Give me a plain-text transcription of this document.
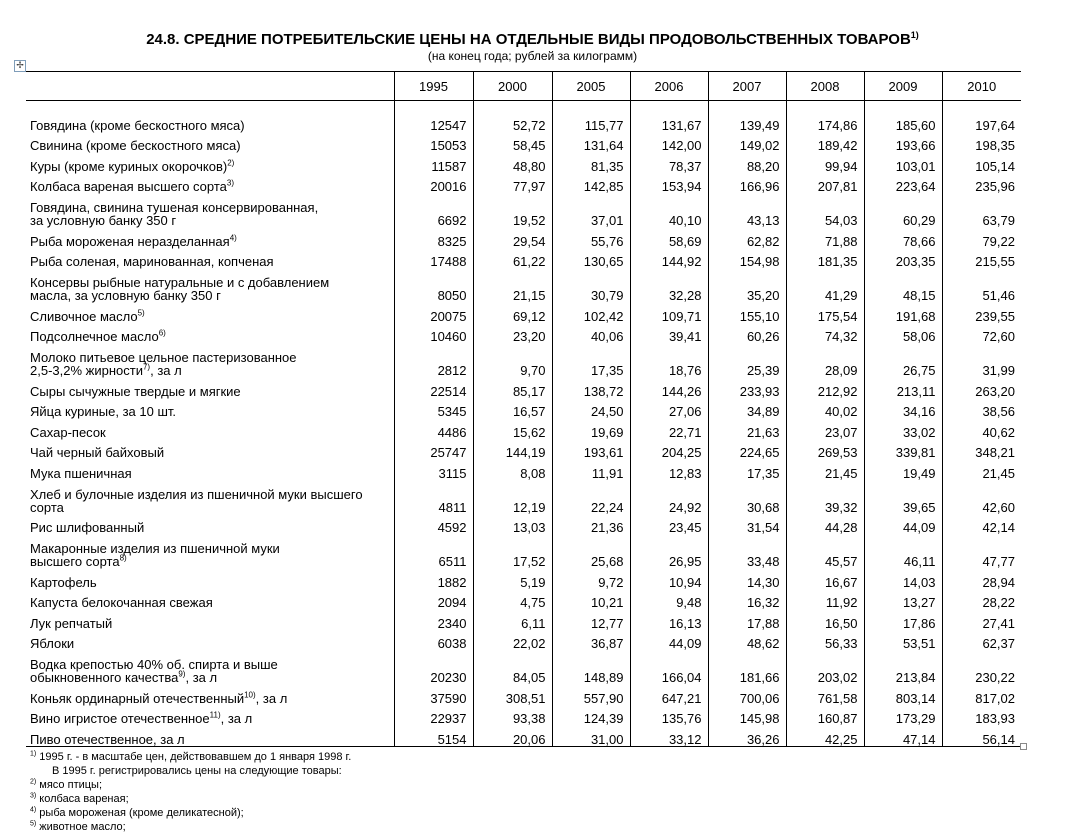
24.8. СРЕДНИЕ ПОТРЕБИТЕЛЬСКИЕ ЦЕНЫ НА ОТДЕЛЬНЫЕ ВИДЫ ПРОДОВОЛЬСТВЕННЫХ ТОВАРОВ$^{1)}$
(на конец года; рублей за килограмм)
✢
	1995	2000	2005	2006	2007	2008	2009	2010

Говядина (кроме бескостного мяса)	12547	52,72	115,77	131,67	139,49	174,86	185,60	197,64
Свинина (кроме бескостного мяса)	15053	58,45	131,64	142,00	149,02	189,42	193,66	198,35
Куры (кроме куриных окорочков)$^{2)}$	11587	48,80	81,35	78,37	88,20	99,94	103,01	105,14
Колбаса вареная высшего сорта$^{3)}$	20016	77,97	142,85	153,94	166,96	207,81	223,64	235,96
Говядина, свинина тушеная консервированная,
за условную банку 350 г	6692	19,52	37,01	40,10	43,13	54,03	60,29	63,79
Рыба мороженая неразделанная$^{4)}$	8325	29,54	55,76	58,69	62,82	71,88	78,66	79,22
Рыба соленая, маринованная, копченая	17488	61,22	130,65	144,92	154,98	181,35	203,35	215,55
Консервы рыбные натуральные и с добавлением
масла, за условную банку 350 г	8050	21,15	30,79	32,28	35,20	41,29	48,15	51,46
Сливочное масло$^{5)}$	20075	69,12	102,42	109,71	155,10	175,54	191,68	239,55
Подсолнечное масло$^{6)}$	10460	23,20	40,06	39,41	60,26	74,32	58,06	72,60
Молоко питьевое цельное пастеризованное
2,5-3,2% жирности$^{7)}$, за л	2812	9,70	17,35	18,76	25,39	28,09	26,75	31,99
Сыры сычужные твердые и мягкие	22514	85,17	138,72	144,26	233,93	212,92	213,11	263,20
Яйца куриные, за 10 шт.	5345	16,57	24,50	27,06	34,89	40,02	34,16	38,56
Сахар-песок	4486	15,62	19,69	22,71	21,63	23,07	33,02	40,62
Чай черный байховый	25747	144,19	193,61	204,25	224,65	269,53	339,81	348,21
Мука пшеничная	3115	8,08	11,91	12,83	17,35	21,45	19,49	21,45
Хлеб и булочные изделия из пшеничной муки высшего
сорта	4811	12,19	22,24	24,92	30,68	39,32	39,65	42,60
Рис шлифованный	4592	13,03	21,36	23,45	31,54	44,28	44,09	42,14
Макаронные изделия из пшеничной муки
высшего сорта$^{8)}$	6511	17,52	25,68	26,95	33,48	45,57	46,11	47,77
Картофель	1882	5,19	9,72	10,94	14,30	16,67	14,03	28,94
Капуста белокочанная свежая	2094	4,75	10,21	9,48	16,32	11,92	13,27	28,22
Лук репчатый	2340	6,11	12,77	16,13	17,88	16,50	17,86	27,41
Яблоки	6038	22,02	36,87	44,09	48,62	56,33	53,51	62,37
Водка крепостью 40% об. спирта и выше
обыкновенного качества$^{9)}$, за л	20230	84,05	148,89	166,04	181,66	203,02	213,84	230,22
Коньяк ординарный отечественный$^{10)}$, за л	37590	308,51	557,90	647,21	700,06	761,58	803,14	817,02
Вино игристое отечественное$^{11)}$, за л	22937	93,38	124,39	135,76	145,98	160,87	173,29	183,93
Пиво отечественное, за л	5154	20,06	31,00	33,12	36,26	42,25	47,14	56,14
$^{1)}$ 1995 г. - в масштабе цен, действовавшем до 1 января 1998 г.
В 1995 г. регистрировались цены на следующие товары:
$^{2)}$ мясо птицы;
$^{3)}$ колбаса вареная;
$^{4)}$ рыба мороженая (кроме деликатесной);
$^{5)}$ животное масло;
